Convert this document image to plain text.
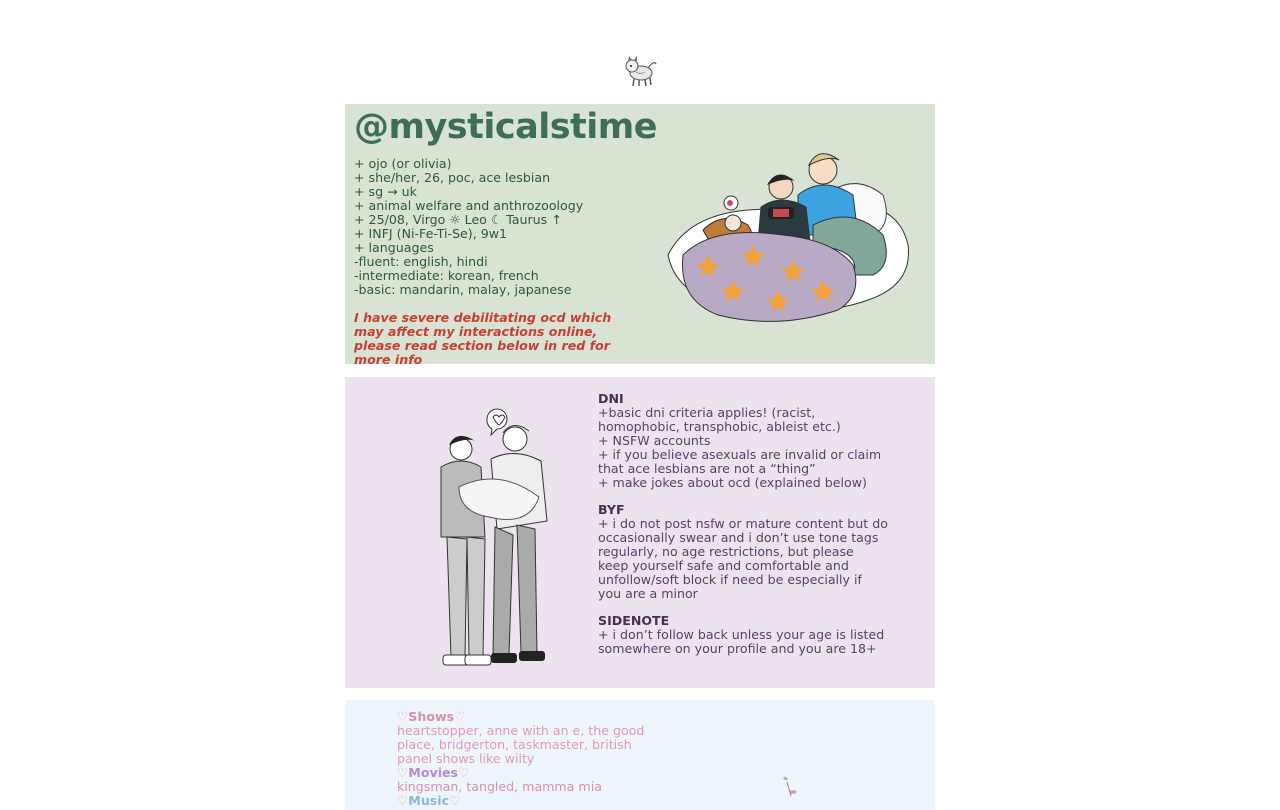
@mysticalstime
+ ojo (or olivia)
+ she/her, 26, poc, ace lesbian
+ sg → uk
+ animal welfare and anthrozoology
+ 25/08, Virgo ☼ Leo ☾ Taurus ↑
+ INFJ (Ni-Fe-Ti-Se), 9w1
+ languages
-fluent: english, hindi
-intermediate: korean, french
-basic: mandarin, malay, japanese
I have severe debilitating ocd which may affect my interactions online, please read section below in red for more info
DNI
+basic dni criteria applies! (racist, homophobic, transphobic, ableist etc.)
+ NSFW accounts
+ if you believe asexuals are invalid or claim that ace lesbians are not a “thing”
+ make jokes about ocd (explained below)
BYF
+ i do not post nsfw or mature content but do occasionally swear and i don’t use tone tags regularly, no age restrictions, but please keep yourself safe and comfortable and unfollow/soft block if need be especially if you are a minor
SIDENOTE
+ i don’t follow back unless your age is listed somewhere on your profile and you are 18+
♡Shows♡
heartstopper, anne with an e, the good place, bridgerton, taskmaster, british panel shows like wilty
♡Movies♡
kingsman, tangled, mamma mia
♡Music♡
